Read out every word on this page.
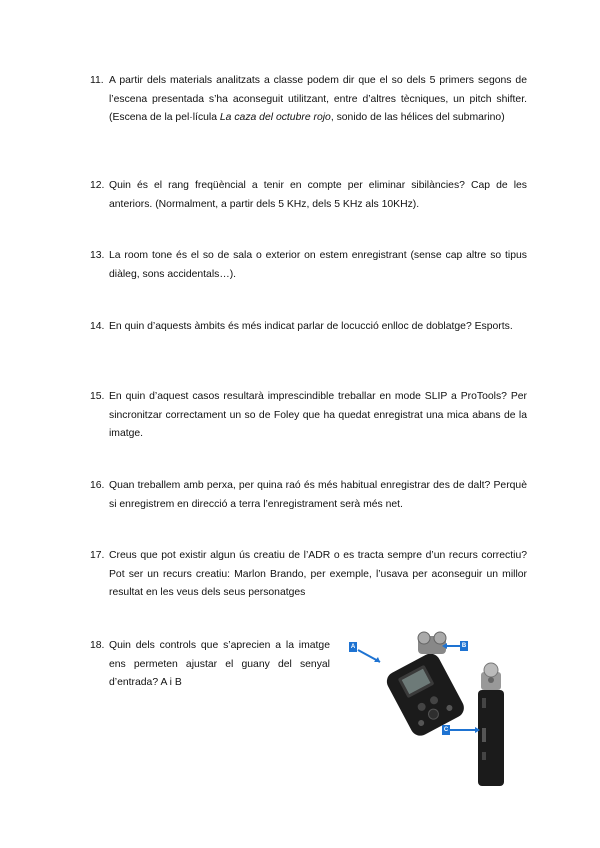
11. A partir dels materials analitzats a classe podem dir que el so dels 5 primers segons de l’escena presentada s’ha aconseguit utilitzant, entre d’altres tècniques, un pitch shifter. (Escena de la pel·lícula La caza del octubre rojo, sonido de las hélices del submarino)
12. Quin és el rang freqüèncial a tenir en compte per eliminar sibilàncies? Cap de les anteriors. (Normalment, a partir dels 5 KHz, dels 5 KHz als 10KHz).
13. La room tone és el so de sala o exterior on estem enregistrant (sense cap altre so tipus diàleg, sons accidentals…).
14. En quin d’aquests àmbits és més indicat parlar de locucció enlloc de doblatge? Esports.
15. En quin d’aquest casos resultarà imprescindible treballar en mode SLIP a ProTools? Per sincronitzar correctament un so de Foley que ha quedat enregistrat una mica abans de la imatge.
16. Quan treballem amb perxa, per quina raó és més habitual enregistrar des de dalt? Perquè si enregistrem en direcció a terra l’enregistrament serà més net.
17. Creus que pot existir algun ús creatiu de l’ADR o es tracta sempre d’un recurs correctiu? Pot ser un recurs creatiu: Marlon Brando, per exemple, l’usava per aconseguir un millor resultat en les veus dels seus personatges
18. Quin dels controls que s’aprecien a la imatge ens permeten ajustar el guany del senyal d’entrada? A i B
A	B
C
